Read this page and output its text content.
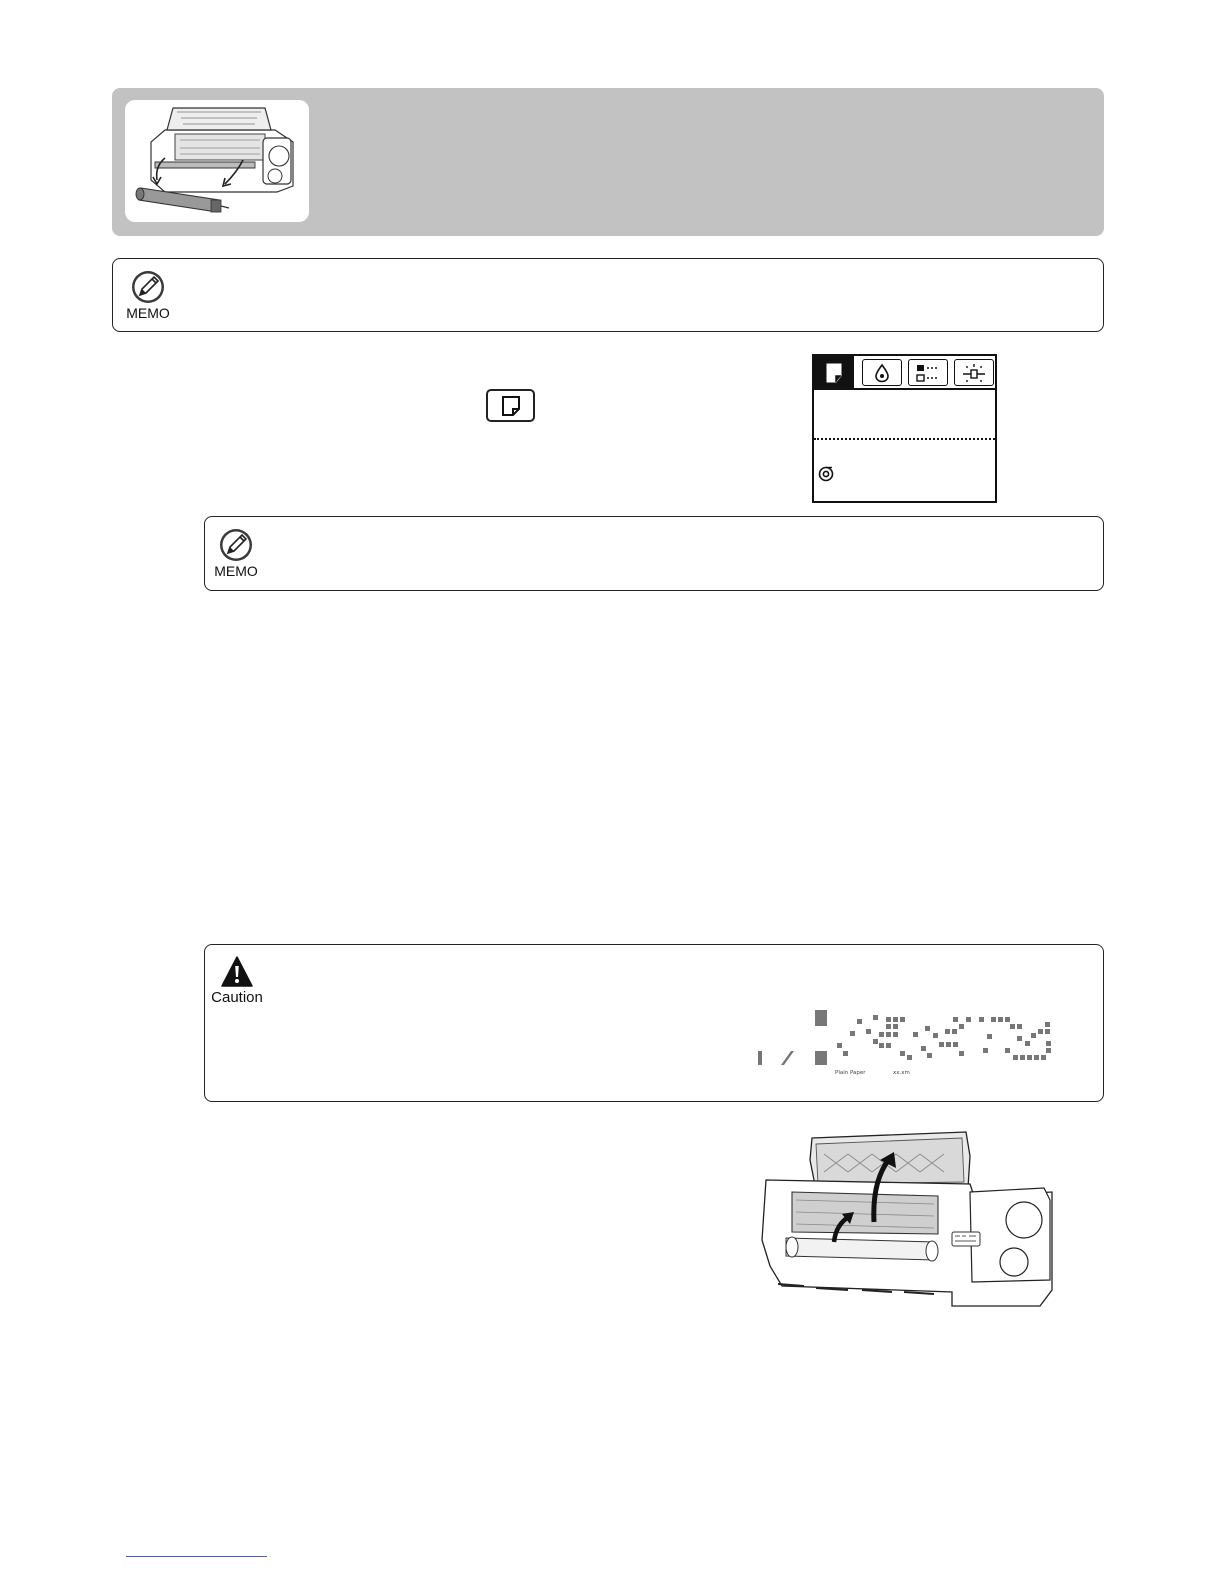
MEMO
MEMO
Caution
Plain Paper	xx.xm
